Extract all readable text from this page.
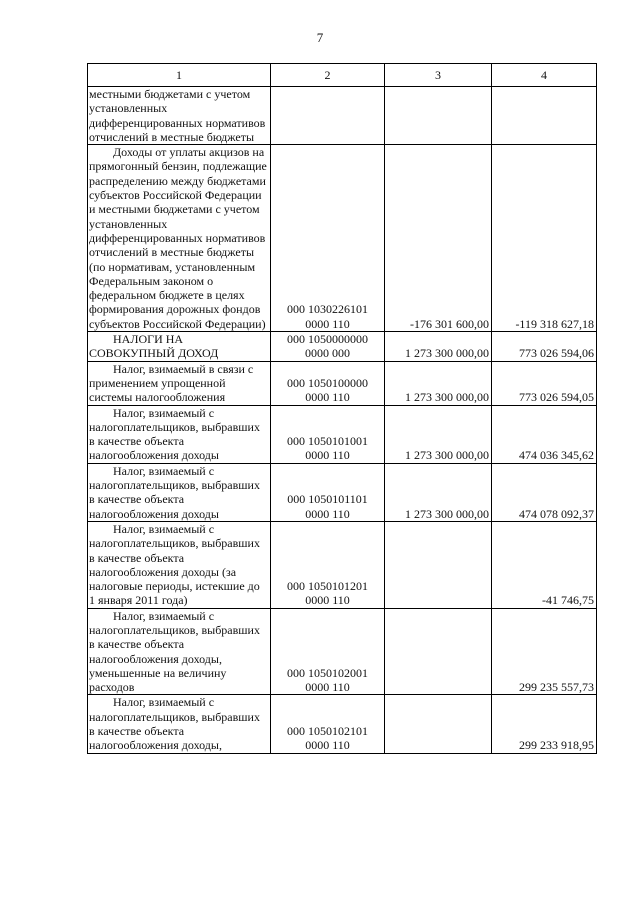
7
1	2	3	4
местными бюджетами с учетом установленных дифференцированных нормативов отчислений в местные бюджеты	

Доходы от уплаты акцизов на прямогонный бензин, подлежащие распределению между бюджетами субъектов Российской Федерации и местными бюджетами с учетом установленных дифференцированных нормативов отчислений в местные бюджеты (по нормативам, установленным Федеральным законом о федеральном бюджете в целях формирования дорожных фондов субъектов Российской Федерации)	000 1030226101
0000 110	-176 301 600,00	-119 318 627,18
НАЛОГИ НА СОВОКУПНЫЙ ДОХОД	000 1050000000
0000 000	1 273 300 000,00	773 026 594,06
Налог, взимаемый в связи с применением упрощенной системы налогообложения	000 1050100000
0000 110	1 273 300 000,00	773 026 594,05
Налог, взимаемый с налогоплательщиков, выбравших в качестве объекта налогообложения доходы	000 1050101001
0000 110	1 273 300 000,00	474 036 345,62
Налог, взимаемый с налогоплательщиков, выбравших в качестве объекта налогообложения доходы	000 1050101101
0000 110	1 273 300 000,00	474 078 092,37
Налог, взимаемый с налогоплательщиков, выбравших в качестве объекта налогообложения доходы (за налоговые периоды, истекшие до 1 января 2011 года)	000 1050101201
0000 110		-41 746,75
Налог, взимаемый с налогоплательщиков, выбравших в качестве объекта налогообложения доходы, уменьшенные на величину расходов	000 1050102001
0000 110		299 235 557,73
Налог, взимаемый с налогоплательщиков, выбравших в качестве объекта налогообложения доходы,	000 1050102101
0000 110		299 233 918,95
